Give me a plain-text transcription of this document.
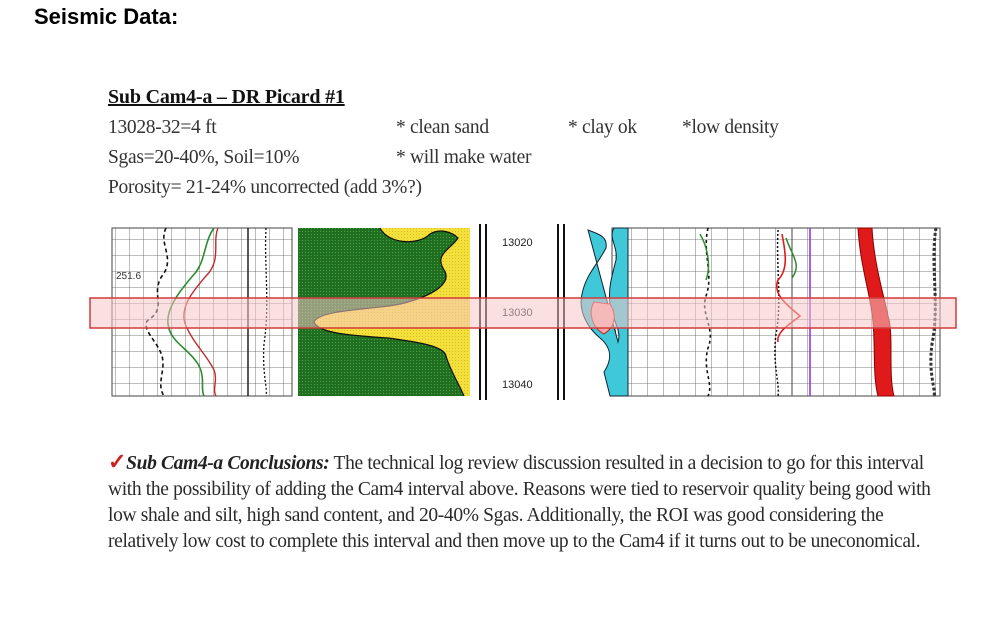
Seismic Data:
Sub Cam4-a – DR Picard #1
13028-32=4 ft
Sgas=20-40%, Soil=10%
Porosity= 21-24% uncorrected (add 3%?)
* clean sand
* will make water
* clay ok *low density
251.6
13020
13040
✓Sub Cam4-a Conclusions: The technical log review discussion resulted in a decision to go for this interval with the possibility of adding the Cam4 interval above. Reasons were tied to reservoir quality being good with low shale and silt, high sand content, and 20-40% Sgas. Additionally, the ROI was good considering the relatively low cost to complete this interval and then move up to the Cam4 if it turns out to be uneconomical.
